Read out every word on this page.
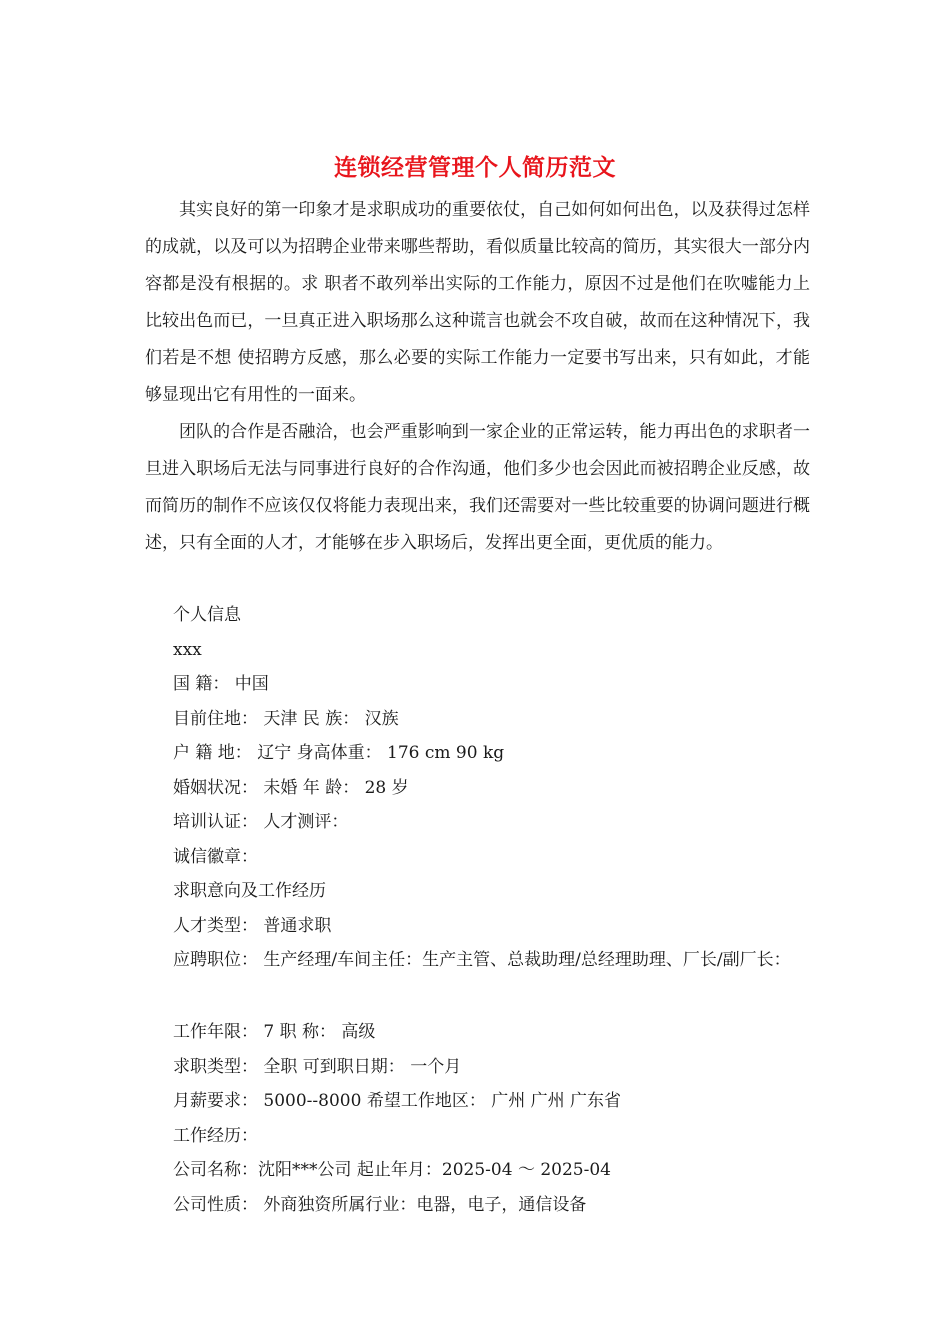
连锁经营管理个人简历范文

其实良好的第一印象才是求职成功的重要依仗，自己如何如何出色，以及获得过怎样的成就，以及可以为招聘企业带来哪些帮助，看似质量比较高的简历，其实很大一部分内容都是没有根据的。求 职者不敢列举出实际的工作能力，原因不过是他们在吹嘘能力上比较出色而已，一旦真正进入职场那么这种谎言也就会不攻自破，故而在这种情况下，我们若是不想 使招聘方反感，那么必要的实际工作能力一定要书写出来，只有如此，才能够显现出它有用性的一面来。

团队的合作是否融洽，也会严重影响到一家企业的正常运转，能力再出色的求职者一旦进入职场后无法与同事进行良好的合作沟通，他们多少也会因此而被招聘企业反感，故而简历的制作不应该仅仅将能力表现出来，我们还需要对一些比较重要的协调问题进行概述，只有全面的人才，才能够在步入职场后，发挥出更全面，更优质的能力。

个人信息
xxx
国 籍： 中国
目前住地： 天津 民 族： 汉族
户 籍 地： 辽宁 身高体重： 176 cm 90 kg
婚姻状况： 未婚 年 龄： 28 岁
培训认证： 人才测评：
诚信徽章：
求职意向及工作经历
人才类型： 普通求职
应聘职位： 生产经理/车间主任：生产主管、总裁助理/总经理助理、厂长/副厂长：
工作年限： 7 职 称： 高级
求职类型： 全职 可到职日期： 一个月
月薪要求： 5000--8000 希望工作地区： 广州 广州 广东省
工作经历：
公司名称：沈阳***公司 起止年月：2025-04 ～ 2025-04
公司性质： 外商独资所属行业：电器，电子，通信设备
